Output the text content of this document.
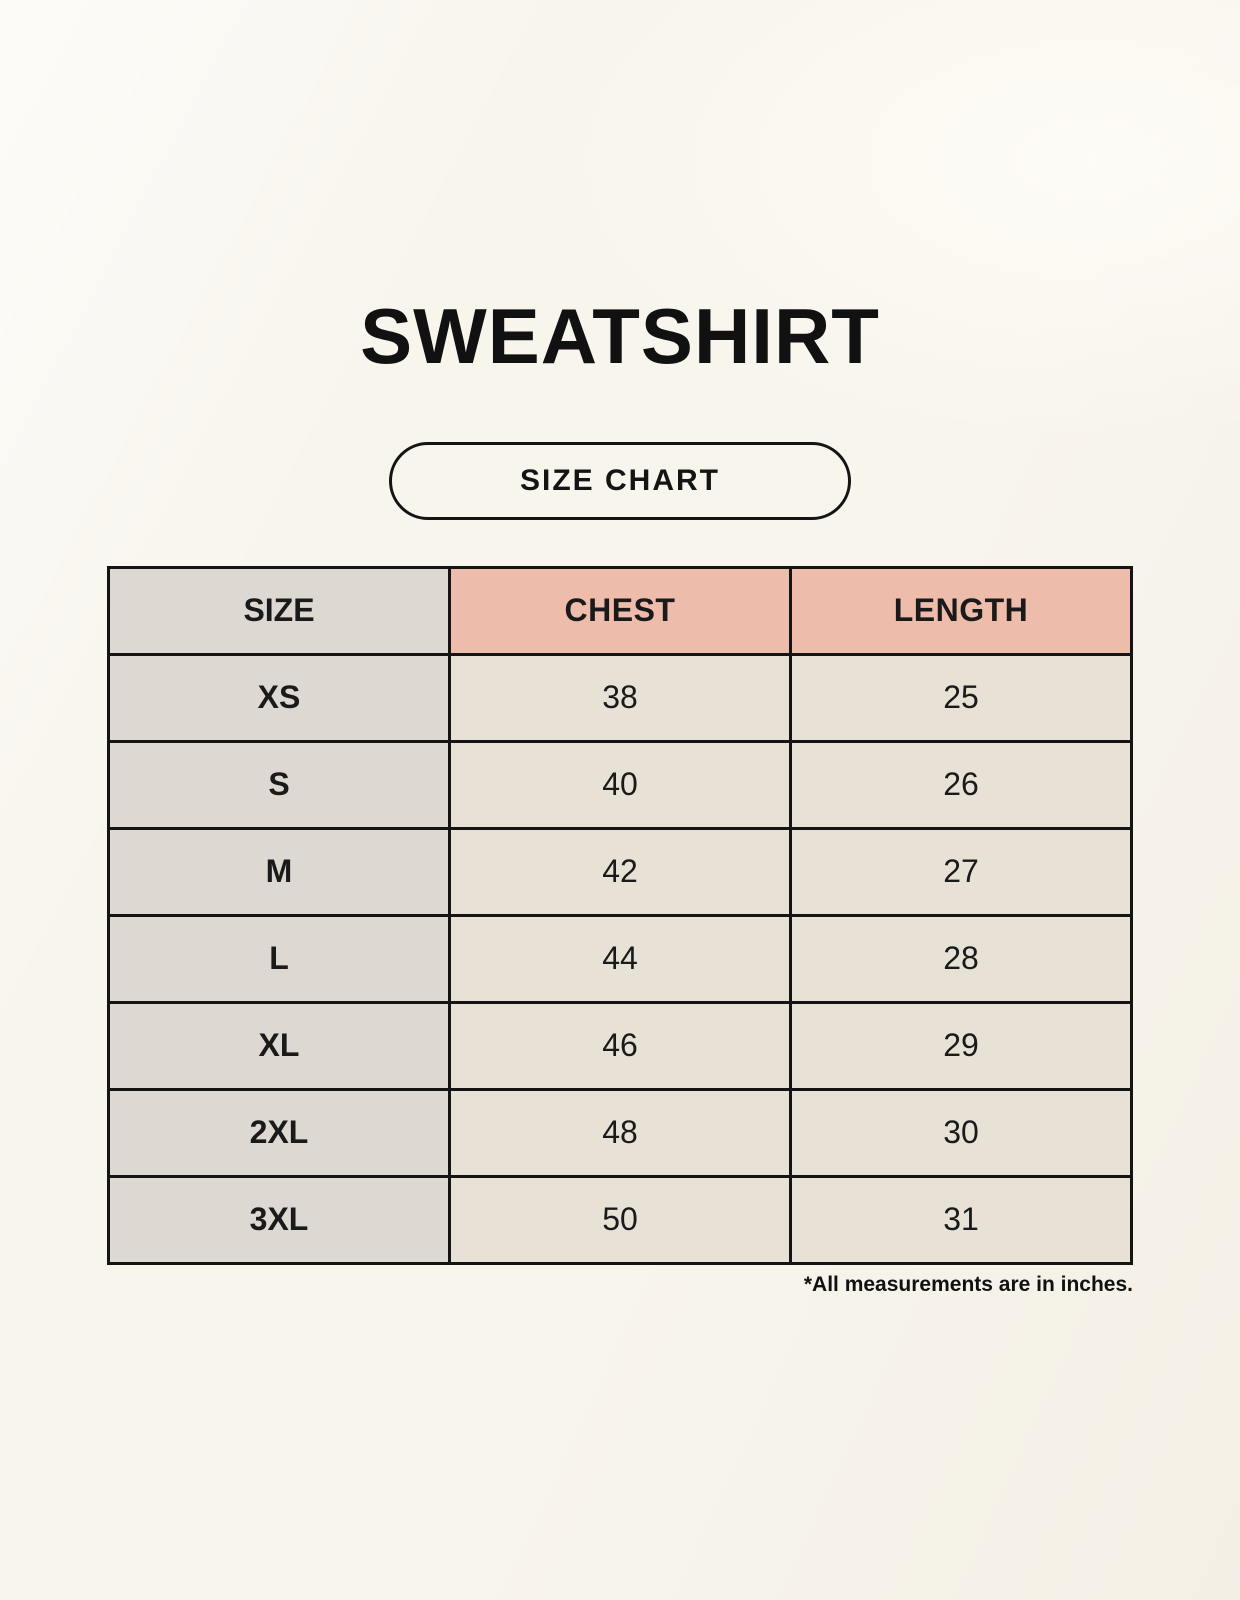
SWEATSHIRT
SIZE CHART
SIZE	CHEST	LENGTH
XS	38	25
S	40	26
M	42	27
L	44	28
XL	46	29
2XL	48	30
3XL	50	31
*All measurements are in inches.
